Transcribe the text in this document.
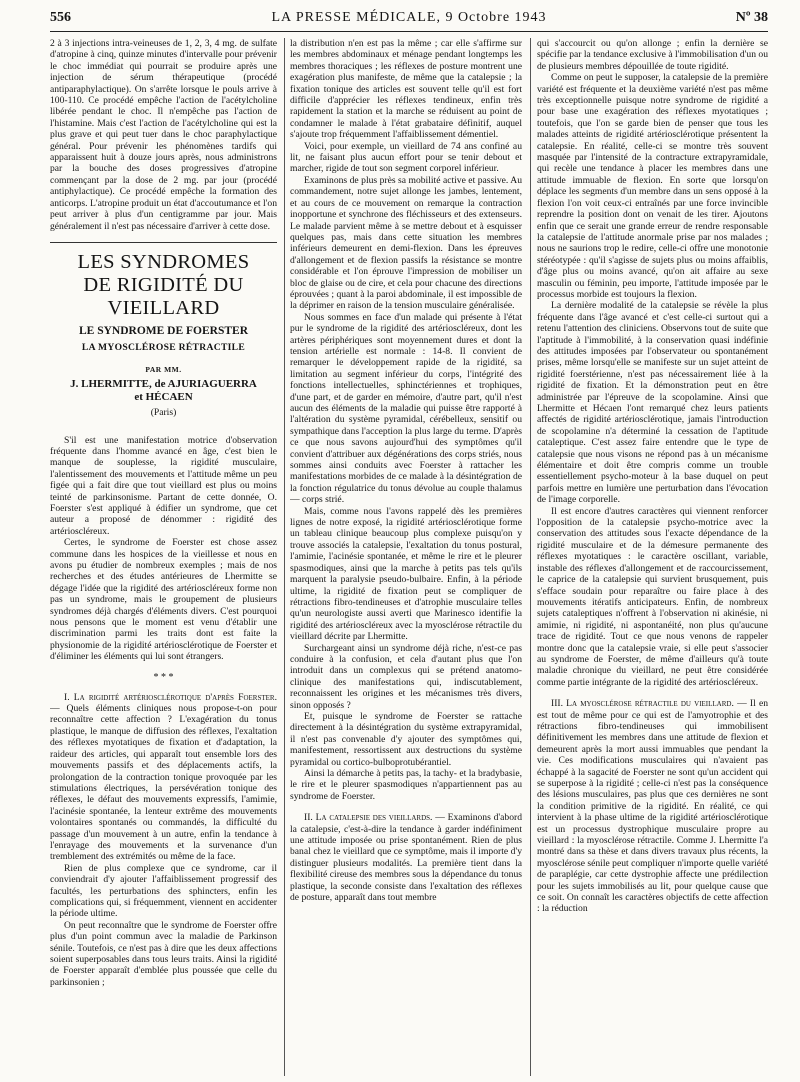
556	LA PRESSE MÉDICALE, 9 Octobre 1943	Nº 38

2 à 3 injections intra-veineuses de 1, 2, 3, 4 mg. de sulfate d'atropine à cinq, quinze minutes d'intervalle pour prévenir le choc immédiat qui pourrait se produire après une injection de sérum thérapeutique (procédé antiparaphylactique). On s'arrête lorsque le pouls arrive à 100-110. Ce procédé empêche l'action de l'acétylcholine libérée pendant le choc. Il n'empêche pas l'action de l'histamine. Mais c'est l'action de l'acétylcholine qui est la plus grave et qui peut tuer dans le choc paraphylactique général. Pour prévenir les phénomènes tardifs qui apparaissent huit à douze jours après, nous administrons par la bouche des doses progressives d'atropine commençant par la dose de 2 mg. par jour (procédé antiphylactique). Ce procédé empêche la formation des anticorps. L'atropine produit un état d'accoutumance et l'on peut arriver à plus d'un centigramme par jour. Mais généralement il n'est pas nécessaire d'arriver à cette dose.

LES SYNDROMES
DE RIGIDITÉ DU VIEILLARD
LE SYNDROME DE FOERSTER
LA MYOSCLÉROSE RÉTRACTILE
PAR MM.
J. LHERMITTE, de AJURIAGUERRA
et HÉCAEN
(Paris)

S'il est une manifestation motrice d'observation fréquente dans l'homme avancé en âge, c'est bien le manque de souplesse, la rigidité musculaire, l'alentissement des mouvements et l'attitude même un peu figée qui a fait dire que tout vieillard est plus ou moins teinté de parkinsonisme. Partant de cette donnée, O. Foerster s'est appliqué à édifier un syndrome, que cet auteur a proposé de dénommer : rigidité des artérioscléreux.

Certes, le syndrome de Foerster est chose assez commune dans les hospices de la vieillesse et nous en avons pu étudier de nombreux exemples ; mais de nos recherches et des études antérieures de Lhermitte se dégage l'idée que la rigidité des artérioscléreux forme non pas un syndrome, mais le groupement de plusieurs syndromes déjà chargés d'éléments divers. C'est pourquoi nous pensons que le moment est venu d'établir une discrimination parmi les traits dont est faite la physionomie de la rigidité artériosclérotique de Foerster et d'éliminer les éléments qui lui sont étrangers.

* * *

I. La rigidité artériosclérotique d'après Foerster. — Quels éléments cliniques nous propose-t-on pour reconnaître cette affection ? L'exagération du tonus plastique, le manque de diffusion des réflexes, l'exaltation des réflexes myotatiques de fixation et d'adaptation, la raideur des articles, qui apparaît tout ensemble lors des mouvements passifs et des déplacements actifs, la prolongation de la contraction tonique provoquée par les stimulations électriques, la persévération tonique des réflexes, le défaut des mouvements expressifs, l'amimie, l'acinésie spontanée, la lenteur extrême des mouvements volontaires spontanés ou commandés, la difficulté du passage d'un mouvement à un autre, enfin la tendance à l'enrayage des mouvements et la survenance d'un tremblement des extrémités ou même de la face.

Rien de plus complexe que ce syndrome, car il conviendrait d'y ajouter l'affaiblissement progressif des facultés, les perturbations des sphincters, enfin les complications qui, si fréquemment, viennent en accidenter la période ultime.

On peut reconnaître que le syndrome de Foerster offre plus d'un point commun avec la maladie de Parkinson sénile. Toutefois, ce n'est pas à dire que les deux affections soient superposables dans tous leurs traits. Ainsi la rigidité de Foerster apparaît d'emblée plus poussée que celle du parkinsonien ;

la distribution n'en est pas la même ; car elle s'affirme sur les membres abdominaux et ménage pendant longtemps les membres thoraciques ; les réflexes de posture montrent une exagération plus manifeste, de même que la catalepsie ; la fixation tonique des articles est souvent telle qu'il est fort difficile d'apprécier les réflexes tendineux, enfin très rapidement la station et la marche se réduisent au point de condamner le malade à l'état grabataire définitif, auquel s'ajoute trop fréquemment l'affaiblissement démentiel.

Voici, pour exemple, un vieillard de 74 ans confiné au lit, ne faisant plus aucun effort pour se tenir debout et marcher, rigide de tout son segment corporel inférieur.

Examinons de plus près sa mobilité active et passive. Au commandement, notre sujet allonge les jambes, lentement, et au cours de ce mouvement on remarque la contraction inopportune et synchrone des fléchisseurs et des extenseurs. Le malade parvient même à se mettre debout et à esquisser quelques pas, mais dans cette situation les membres inférieurs demeurent en demi-flexion. Dans les épreuves d'allongement et de flexion passifs la résistance se montre considérable et l'on éprouve l'impression de mobiliser un bloc de glaise ou de cire, et cela pour chacune des directions éprouvées ; quant à la paroi abdominale, il est impossible de la déprimer en raison de la tension musculaire généralisée.

Nous sommes en face d'un malade qui présente à l'état pur le syndrome de la rigidité des artérioscléreux, dont les artères périphériques sont moyennement dures et dont la tension artérielle est normale : 14-8. Il convient de remarquer le développement rapide de la rigidité, sa limitation au segment inférieur du corps, l'intégrité des fonctions intellectuelles, sphinctériennes et trophiques, d'une part, et de garder en mémoire, d'autre part, qu'il n'est aucun des éléments de la maladie qui puisse être rapporté à l'altération du système pyramidal, cérébelleux, sensitif ou sympathique dans l'acception la plus large du terme. D'après ce que nous savons aujourd'hui des symptômes qu'il convient d'attribuer aux dégénérations des corps striés, nous sommes ainsi conduits avec Foerster à rattacher les manifestations morbides de ce malade à la désintégration de la fonction régulatrice du tonus dévolue au couple thalamus — corps strié.

Mais, comme nous l'avons rappelé dès les premières lignes de notre exposé, la rigidité artériosclérotique forme un tableau clinique beaucoup plus complexe puisqu'on y trouve associés la catalepsie, l'exaltation du tonus postural, l'amimie, l'acinésie spontanée, et même le rire et le pleurer spasmodiques, ainsi que la marche à petits pas tels qu'ils marquent la paralysie pseudo-bulbaire. Enfin, à la période ultime, la rigidité de fixation peut se compliquer de rétractions fibro-tendineuses et d'atrophie musculaire telles qu'un neurologiste aussi averti que Marinesco identifie la rigidité des artérioscléreux avec la myosclérose rétractile du vieillard décrite par Lhermitte.

Surchargeant ainsi un syndrome déjà riche, n'est-ce pas conduire à la confusion, et cela d'autant plus que l'on introduit dans un complexus qui se prétend anatomo-clinique des manifestations qui, indiscutablement, reconnaissent les origines et les mécanismes très divers, sinon opposés ?

Et, puisque le syndrome de Foerster se rattache directement à la désintégration du système extrapyramidal, il n'est pas convenable d'y ajouter des symptômes qui, manifestement, ressortissent aux destructions du système pyramidal ou cortico-bulboprotubérantiel.

Ainsi la démarche à petits pas, la tachy- et la bradybasie, le rire et le pleurer spasmodiques n'appartiennent pas au syndrome de Foerster.

II. La catalepsie des vieillards. — Examinons d'abord la catalepsie, c'est-à-dire la tendance à garder indéfiniment une attitude imposée ou prise spontanément. Rien de plus banal chez le vieillard que ce symptôme, mais il importe d'y distinguer plusieurs modalités. La première tient dans la flexibilité cireuse des membres sous la dépendance du tonus plastique, la seconde consiste dans l'exaltation des réflexes de posture, apparaît dans tout membre

qui s'accourcit ou qu'on allonge ; enfin la dernière se spécifie par la tendance exclusive à l'immobilisation d'un ou de plusieurs membres dépouillée de toute rigidité.

Comme on peut le supposer, la catalepsie de la première variété est fréquente et la deuxième variété n'est pas même très exceptionnelle puisque notre syndrome de rigidité a pour base une exagération des réflexes myotatiques ; toutefois, que l'on se garde bien de penser que tous les malades atteints de rigidité artériosclérotique présentent la catalepsie. En réalité, celle-ci se montre très souvent masquée par l'intensité de la contracture extrapyramidale, qui recèle une tendance à placer les membres dans une attitude immuable de flexion. En sorte que lorsqu'on déplace les segments d'un membre dans un sens opposé à la flexion l'on voit ceux-ci entraînés par une force invincible reprendre la position dont on venait de les tirer. Ajoutons enfin que ce serait une grande erreur de rendre responsable la catalepsie de l'attitude anormale prise par nos malades ; nous ne saurions trop le redire, celle-ci offre une monotonie stéréotypée : qu'il s'agisse de sujets plus ou moins affaiblis, d'âge plus ou moins avancé, qu'on ait affaire au sexe masculin ou féminin, peu importe, l'attitude imposée par le processus morbide est toujours la flexion.

La dernière modalité de la catalepsie se révèle la plus fréquente dans l'âge avancé et c'est celle-ci surtout qui a retenu l'attention des cliniciens. Observons tout de suite que l'aptitude à l'immobilité, à la conservation quasi indéfinie des attitudes imposées par l'observateur ou spontanément prises, même lorsqu'elle se manifeste sur un sujet atteint de rigidité foerstérienne, n'est pas nécessairement liée à la rigidité de fixation. Et la démonstration peut en être administrée par l'épreuve de la scopolamine. Ainsi que Lhermitte et Hécaen l'ont remarqué chez leurs patients affectés de rigidité artériosclérotique, jamais l'introduction de scopolamine n'a déterminé la cessation de l'aptitude cataleptique. C'est assez faire entendre que le type de catalepsie que nous visons ne répond pas à un mécanisme élémentaire et doit être compris comme un trouble essentiellement psycho-moteur à la base duquel on peut parfois mettre en lumière une perturbation dans l'évocation de l'image corporelle.

Il est encore d'autres caractères qui viennent renforcer l'opposition de la catalepsie psycho-motrice avec la conservation des attitudes sous l'exacte dépendance de la rigidité musculaire et de la démesure permanente des réflexes myotatiques : le caractère oscillant, variable, instable des réflexes d'allongement et de raccourcissement, le caprice de la catalepsie qui survient brusquement, puis s'efface soudain pour reparaître ou faire place à des mouvements itératifs anticipateurs. Enfin, de nombreux sujets cataleptiques n'offrent à l'observation ni akinésie, ni amimie, ni rigidité, ni aspontanéité, non plus qu'aucune trace de rigidité. Tout ce que nous venons de rappeler montre donc que la catalepsie vraie, si elle peut s'associer au syndrome de Foerster, de même d'ailleurs qu'à toute maladie chronique du vieillard, ne peut être considérée comme partie intégrante de la rigidité des artérioscléreux.

III. La myosclérose rétractile du vieillard. — Il en est tout de même pour ce qui est de l'amyotrophie et des rétractions fibro-tendineuses qui immobilisent définitivement les membres dans une attitude de flexion et demeurent après la mort aussi immuables que pendant la vie. Ces modifications musculaires qui n'avaient pas échappé à la sagacité de Foerster ne sont qu'un accident qui se superpose à la rigidité ; celle-ci n'est pas la conséquence des lésions musculaires, pas plus que ces dernières ne sont la condition primitive de la rigidité. En réalité, ce qui intervient à la phase ultime de la rigidité artériosclérotique est un processus dystrophique musculaire propre au vieillard : la myosclérose rétractile. Comme J. Lhermitte l'a montré dans sa thèse et dans divers travaux plus récents, la myosclérose sénile peut compliquer n'importe quelle variété de paraplégie, car cette dystrophie affecte une prédilection pour les sujets immobilisés au lit, pour quelque cause que ce soit. On connaît les caractères objectifs de cette affection : la réduction
